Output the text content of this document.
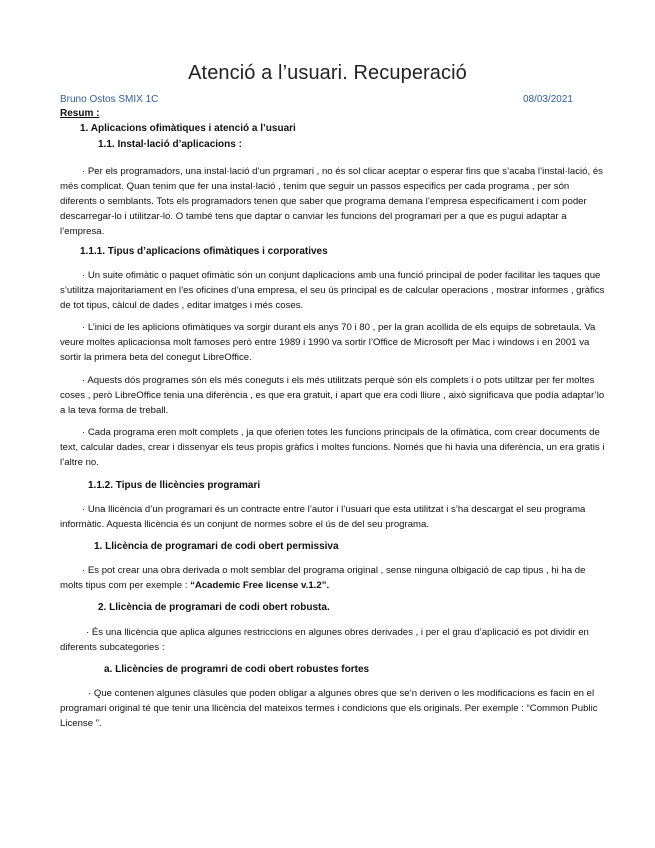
Atenció a l’usuari. Recuperació
Bruno Ostos SMIX 1C	08/03/2021
Resum :
1. Aplicacions ofimàtiques i atenció a l’usuari
1.1. Instal·lació d’aplicacions :
· Per els programadors, una instal·lació d’un prgramari , no és sol clicar aceptar o esperar fins que s’acaba l’instal·lació, és més complicat. Quan tenim que fer una instal·lació , tenim que seguir un passos especifics per cada programa , per són diferents o semblants. Tots els programadors tenen que saber que programa demana l’empresa especificament i com poder descarregar-lo i utilitzar-lo. O també tens que daptar o canviar les funcions del programari per a que es pugui adaptar a l’empresa.
1.1.1. Tipus d’aplicacions ofimàtiques i corporatives
· Un suite ofimàtic o paquet ofimàtic són un conjunt daplicacions amb una funció principal de poder facilitar les taques que s’utilitza majoritariament en l’es oficines d’una empresa, el seu ús principal es de calcular operacions , mostrar informes , gràfics de tot tipus, càlcul de dades , editar imatges i més coses.
· L’inici de les aplicions ofimàtiques va sorgir durant els anys 70 i 80 , per la gran acollida de els equips de sobretaula. Va veure moltes aplicacionsa molt famoses però entre 1989 i 1990 va sortir l’Office de Microsoft per Mac i windows i en 2001 va sortir la primera beta del conegut LibreOffice.
· Aquests dós programes són els més coneguts i els més utilitzats perquè són els complets i o pots utiltzar per fer moltes coses , però LibreOffice tenia una diferència , es que era gratuit, i apart que era codi lliure , això significava que podía adaptar’lo a la teva forma de treball.
· Cada programa eren molt complets , ja que oferien totes les funcions principals de la ofimàtica, com crear documents de text, calcular dades, crear i dissenyar els teus propis gràfics i moltes funcions. Només que hi havia una diferència, un era gratis i l’altre no.
1.1.2. Tipus de llicències programari
· Una llicència d’un programari és un contracte entre l’autor i l’usuari que esta utilitzat i s’ha descargat el seu programa informàtic. Aquesta llicència és un conjunt de normes sobre el ús de del seu programa.
1. Llicència de programari de codi obert permissiva
· Es pot crear una obra derivada o molt semblar del programa original , sense ninguna olbigació de cap tipus , hi ha de molts tipus com per exemple : “Academic Free license v.1.2”.
2. Llicència de programari de codi obert robusta.
· És una llicència que aplica algunes restriccions en algunes obres derivades , i per el grau d’aplicació es pot dividir en diferents subcategories :
a. Llicències de programri de codi obert robustes fortes
· Que contenen algunes clàsules que poden obligar a algunes obres que se’n deriven o les modificacions es facin en el programari original té que tenir una llicència del mateixos termes i condicions que els originals. Per exemple : “Common Public License ”.
